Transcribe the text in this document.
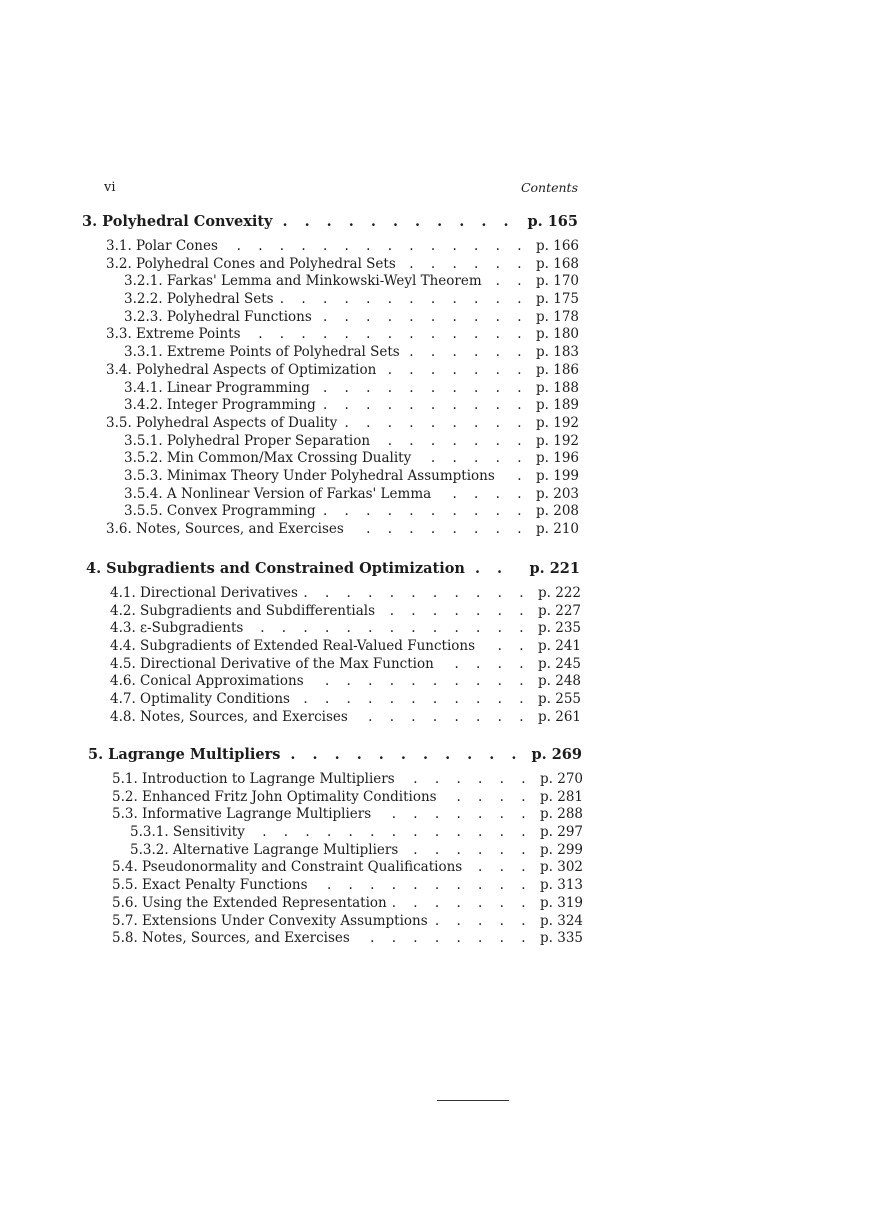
vi	Contents
3. Polyhedral Convexity . . .	p. 165
3.1. Polar Cones . . .	p. 166
3.2. Polyhedral Cones and Polyhedral Sets . . .	p. 168
3.2.1. Farkas' Lemma and Minkowski-Weyl Theorem . . .	p. 170
3.2.2. Polyhedral Sets . . .	p. 175
3.2.3. Polyhedral Functions . . .	p. 178
3.3. Extreme Points . . .	p. 180
3.3.1. Extreme Points of Polyhedral Sets . . .	p. 183
3.4. Polyhedral Aspects of Optimization . . .	p. 186
3.4.1. Linear Programming . . .	p. 188
3.4.2. Integer Programming . . .	p. 189
3.5. Polyhedral Aspects of Duality . . .	p. 192
3.5.1. Polyhedral Proper Separation . . .	p. 192
3.5.2. Min Common/Max Crossing Duality . . .	p. 196
3.5.3. Minimax Theory Under Polyhedral Assumptions . . .	p. 199
3.5.4. A Nonlinear Version of Farkas' Lemma . . .	p. 203
3.5.5. Convex Programming . . .	p. 208
3.6. Notes, Sources, and Exercises . . .	p. 210
4. Subgradients and Constrained Optimization . . .	p. 221
4.1. Directional Derivatives . . .	p. 222
4.2. Subgradients and Subdifferentials . . .	p. 227
4.3. ε-Subgradients . . .	p. 235
4.4. Subgradients of Extended Real-Valued Functions . . .	p. 241
4.5. Directional Derivative of the Max Function . . .	p. 245
4.6. Conical Approximations . . .	p. 248
4.7. Optimality Conditions . . .	p. 255
4.8. Notes, Sources, and Exercises . . .	p. 261
5. Lagrange Multipliers . . .	p. 269
5.1. Introduction to Lagrange Multipliers . . .	p. 270
5.2. Enhanced Fritz John Optimality Conditions . . .	p. 281
5.3. Informative Lagrange Multipliers . . .	p. 288
5.3.1. Sensitivity . . .	p. 297
5.3.2. Alternative Lagrange Multipliers . . .	p. 299
5.4. Pseudonormality and Constraint Qualifications . . .	p. 302
5.5. Exact Penalty Functions . . .	p. 313
5.6. Using the Extended Representation . . .	p. 319
5.7. Extensions Under Convexity Assumptions . . .	p. 324
5.8. Notes, Sources, and Exercises . . .	p. 335
